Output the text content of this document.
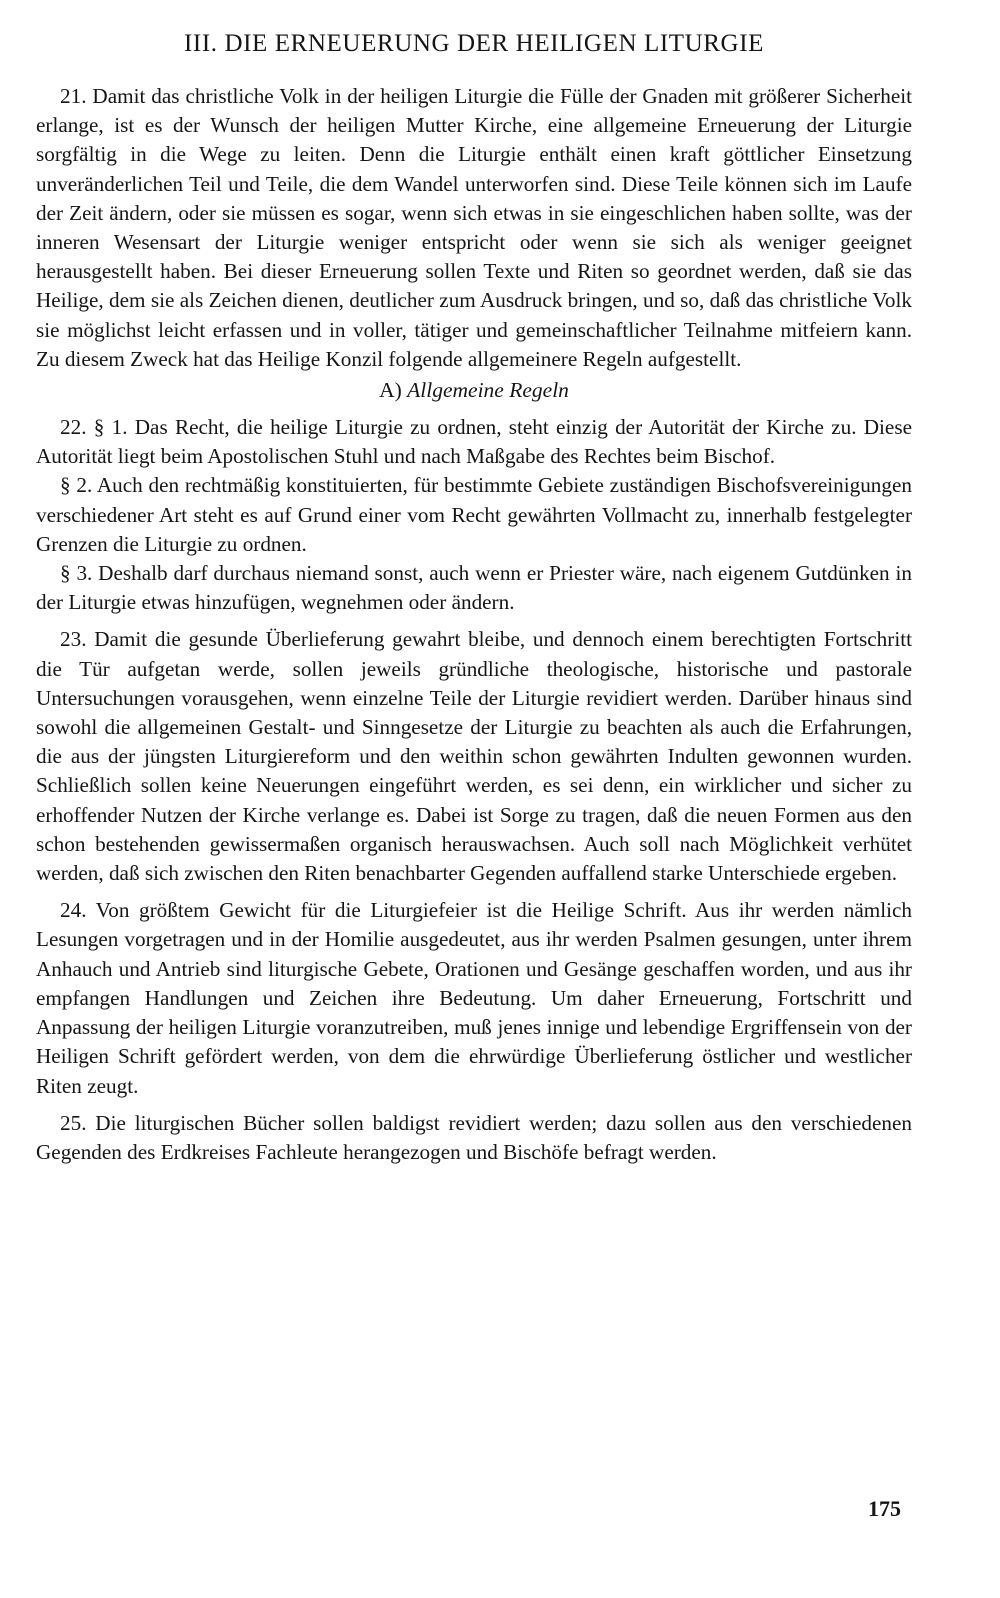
III. DIE ERNEUERUNG DER HEILIGEN LITURGIE

21. Damit das christliche Volk in der heiligen Liturgie die Fülle der Gnaden mit größerer Sicherheit erlange, ist es der Wunsch der heiligen Mutter Kirche, eine allgemeine Erneuerung der Liturgie sorgfältig in die Wege zu leiten. Denn die Liturgie enthält einen kraft göttlicher Einsetzung unveränderlichen Teil und Teile, die dem Wandel unterworfen sind. Diese Teile können sich im Laufe der Zeit ändern, oder sie müssen es sogar, wenn sich etwas in sie eingeschlichen haben sollte, was der inneren Wesensart der Liturgie weniger entspricht oder wenn sie sich als weniger geeignet herausgestellt haben. Bei dieser Erneuerung sollen Texte und Riten so geordnet werden, daß sie das Heilige, dem sie als Zeichen dienen, deutlicher zum Ausdruck bringen, und so, daß das christliche Volk sie möglichst leicht erfassen und in voller, tätiger und gemeinschaftlicher Teilnahme mitfeiern kann. Zu diesem Zweck hat das Heilige Konzil folgende allgemeinere Regeln aufgestellt.

A) Allgemeine Regeln

22. § 1. Das Recht, die heilige Liturgie zu ordnen, steht einzig der Autorität der Kirche zu. Diese Autorität liegt beim Apostolischen Stuhl und nach Maßgabe des Rechtes beim Bischof.

§ 2. Auch den rechtmäßig konstituierten, für bestimmte Gebiete zuständigen Bischofsvereinigungen verschiedener Art steht es auf Grund einer vom Recht gewährten Vollmacht zu, innerhalb festgelegter Grenzen die Liturgie zu ordnen.

§ 3. Deshalb darf durchaus niemand sonst, auch wenn er Priester wäre, nach eigenem Gutdünken in der Liturgie etwas hinzufügen, wegnehmen oder ändern.

23. Damit die gesunde Überlieferung gewahrt bleibe, und dennoch einem berechtigten Fortschritt die Tür aufgetan werde, sollen jeweils gründliche theologische, historische und pastorale Untersuchungen vorausgehen, wenn einzelne Teile der Liturgie revidiert werden. Darüber hinaus sind sowohl die allgemeinen Gestalt- und Sinngesetze der Liturgie zu beachten als auch die Erfahrungen, die aus der jüngsten Liturgiereform und den weithin schon gewährten Indulten gewonnen wurden. Schließlich sollen keine Neuerungen eingeführt werden, es sei denn, ein wirklicher und sicher zu erhoffender Nutzen der Kirche verlange es. Dabei ist Sorge zu tragen, daß die neuen Formen aus den schon bestehenden gewissermaßen organisch herauswachsen. Auch soll nach Möglichkeit verhütet werden, daß sich zwischen den Riten benachbarter Gegenden auffallend starke Unterschiede ergeben.

24. Von größtem Gewicht für die Liturgiefeier ist die Heilige Schrift. Aus ihr werden nämlich Lesungen vorgetragen und in der Homilie ausgedeutet, aus ihr werden Psalmen gesungen, unter ihrem Anhauch und Antrieb sind liturgische Gebete, Orationen und Gesänge geschaffen worden, und aus ihr empfangen Handlungen und Zeichen ihre Bedeutung. Um daher Erneuerung, Fortschritt und Anpassung der heiligen Liturgie voranzutreiben, muß jenes innige und lebendige Ergriffensein von der Heiligen Schrift gefördert werden, von dem die ehrwürdige Überlieferung östlicher und westlicher Riten zeugt.

25. Die liturgischen Bücher sollen baldigst revidiert werden; dazu sollen aus den verschiedenen Gegenden des Erdkreises Fachleute herangezogen und Bischöfe befragt werden.

175
